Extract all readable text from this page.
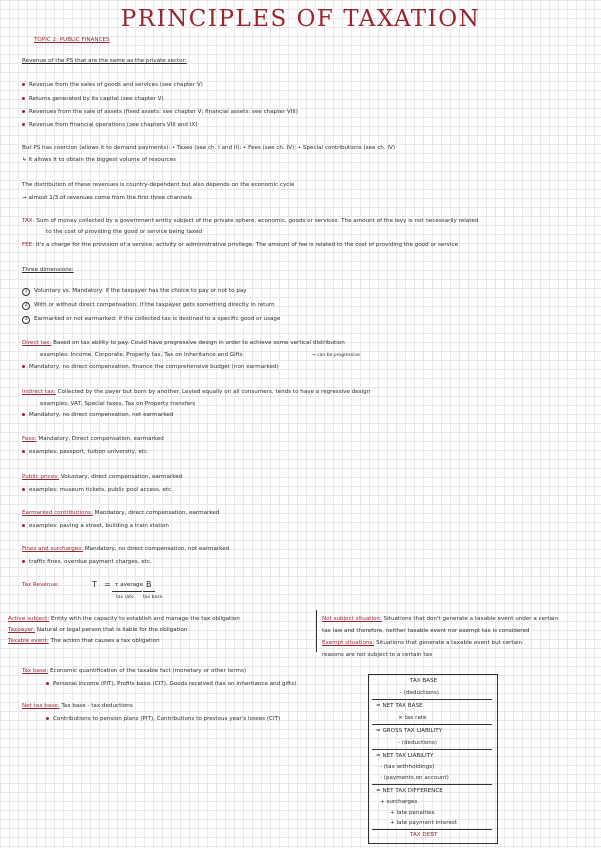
PRINCIPLES OF TAXATION
TOPIC 2: PUBLIC FINANCES
Revenue of the PS that are the same as the private sector:
Revenue from the sales of goods and services (see chapter V)
Returns generated by its capital (see chapter V)
Revenues from the sale of assets (fixed assets: see chapter V; financial assets: see chapter VIII)
Revenue from financial operations (see chapters VIII and IX)
But PS has coercion (allows it to demand payments): • Taxes (see ch. I and II); • Fees (see ch. IV); • Special contributions (see ch. IV)
↳ It allows it to obtain the biggest volume of resources
The distribution of these revenues is country-dependent but also depends on the economic cycle
→ almost 1/3 of revenues come from the first three channels
TAX: Sum of money collected by a government entity subject of the private sphere, economic, goods or services. The amount of the levy is not necessarily related
to the cost of providing the good or service being taxed
FEE: It's a charge for the provision of a service, activity or administrative privilege. The amount of fee is related to the cost of providing the good or service
Three dimensions:
1 Voluntary vs. Mandatory: if the taxpayer has the choice to pay or not to pay
2 With or without direct compensation: if the taxpayer gets something directly in return
3 Earmarked or not earmarked: if the collected tax is destined to a specific good or usage
Direct tax: Based on tax ability to pay. Could have progressive design in order to achieve some vertical distribution
→ can be progressive
examples: Income, Corporate, Property tax, Tax on Inheritance and Gifts
Mandatory, no direct compensation, finance the comprehensive budget (non earmarked)
Indirect tax: Collected by the payer but born by another. Levied equally on all consumers, tends to have a regressive design
examples: VAT, Special taxes, Tax on Property transfers
Mandatory, no direct compensation, not earmarked
Fees: Mandatory, Direct compensation, earmarked
examples: passport, tuition university, etc.
Public prices: Voluntary, direct compensation, earmarked
examples: museum tickets, public pool access, etc.
Earmarked contributions: Mandatory, direct compensation, earmarked
examples: paving a street, building a train station
Fines and surcharges: Mandatory, no direct compensation, not earmarked
traffic fines, overdue payment charges, etc.
Tax Revenue:	T = τ average B
tax rate tax base
Active subject: Entity with the capacity to establish and manage the tax obligation
Taxpayer: Natural or legal person that is liable for the obligation
Taxable event: The action that causes a tax obligation
Not subject situation: Situations that don't generate a taxable event under a certain
tax law and therefore, neither taxable event nor exempt tax is considered
Exempt situations: Situations that generate a taxable event but certain
reasons are not subject to a certain tax
Tax base: Economic quantification of the taxable fact (monetary or other terms)
Personal income (PIT), Profits basis (CIT), Goods received (tax on inheritance and gifts)
Net tax base: Tax base - tax deductions
Contributions to pension plans (PIT), Contributions to previous year's losses (CIT)
TAX BASE
- (deductions)
= NET TAX BASE
× tax rate
= GROSS TAX LIABILITY
- (deductions)
= NET TAX LIABILITY
- (tax withholdings)
- (payments on account)
= NET TAX DIFFERENCE
+ surcharges
+ late penalties
+ late payment interest
TAX DEBT
